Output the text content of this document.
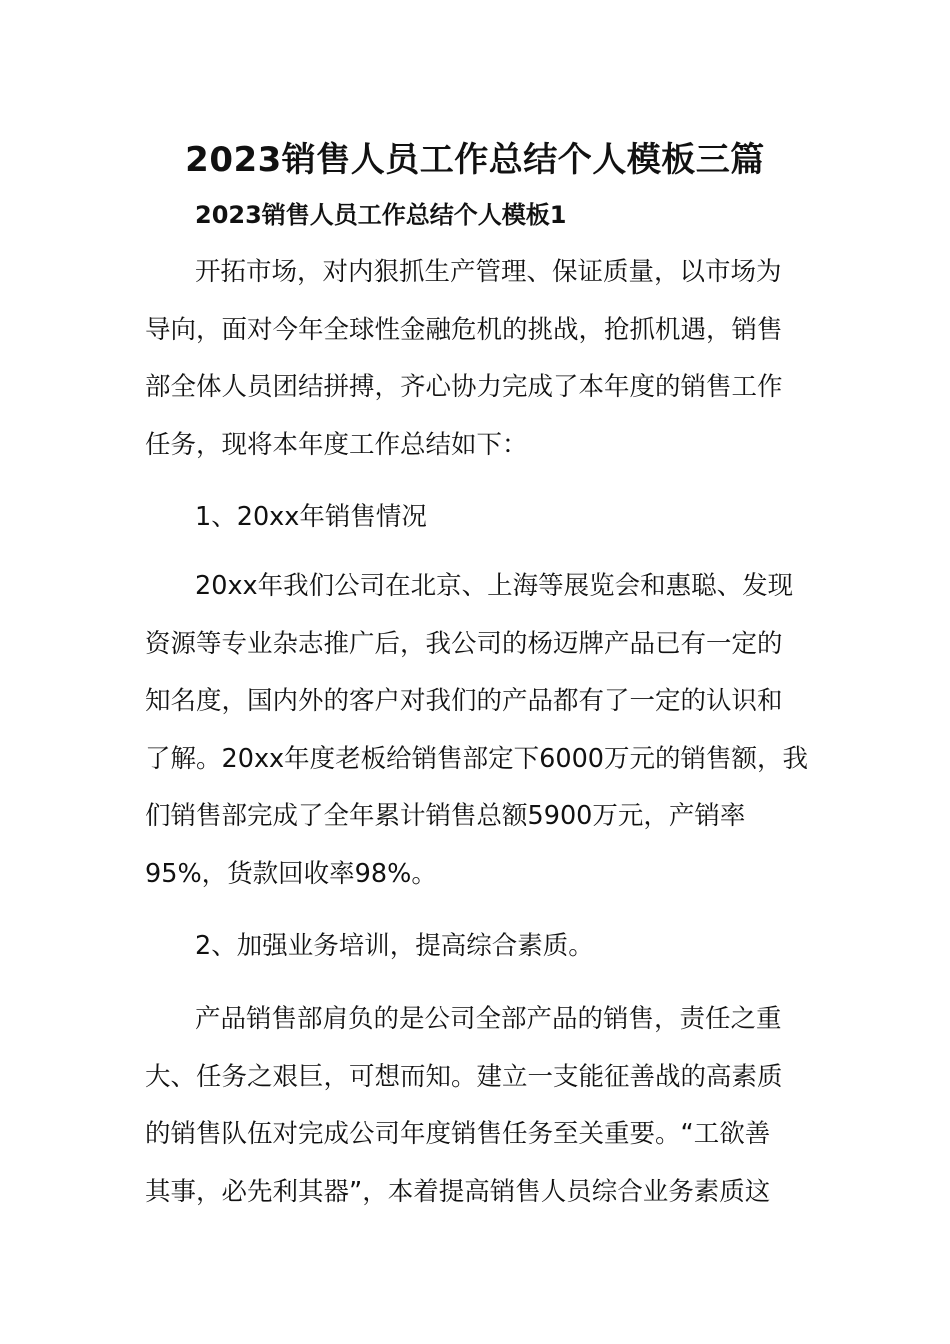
2023销售人员工作总结个人模板三篇
2023销售人员工作总结个人模板1
开拓市场，对内狠抓生产管理、保证质量，以市场为
导向，面对今年全球性金融危机的挑战，抢抓机遇，销售
部全体人员团结拼搏，齐心协力完成了本年度的销售工作
任务，现将本年度工作总结如下：
1、20xx年销售情况
20xx年我们公司在北京、上海等展览会和惠聪、发现
资源等专业杂志推广后，我公司的杨迈牌产品已有一定的
知名度，国内外的客户对我们的产品都有了一定的认识和
了解。20xx年度老板给销售部定下6000万元的销售额，我
们销售部完成了全年累计销售总额5900万元，产销率
95%，货款回收率98%。
2、加强业务培训，提高综合素质。
产品销售部肩负的是公司全部产品的销售，责任之重
大、任务之艰巨，可想而知。建立一支能征善战的高素质
的销售队伍对完成公司年度销售任务至关重要。“工欲善
其事，必先利其器”，本着提高销售人员综合业务素质这
